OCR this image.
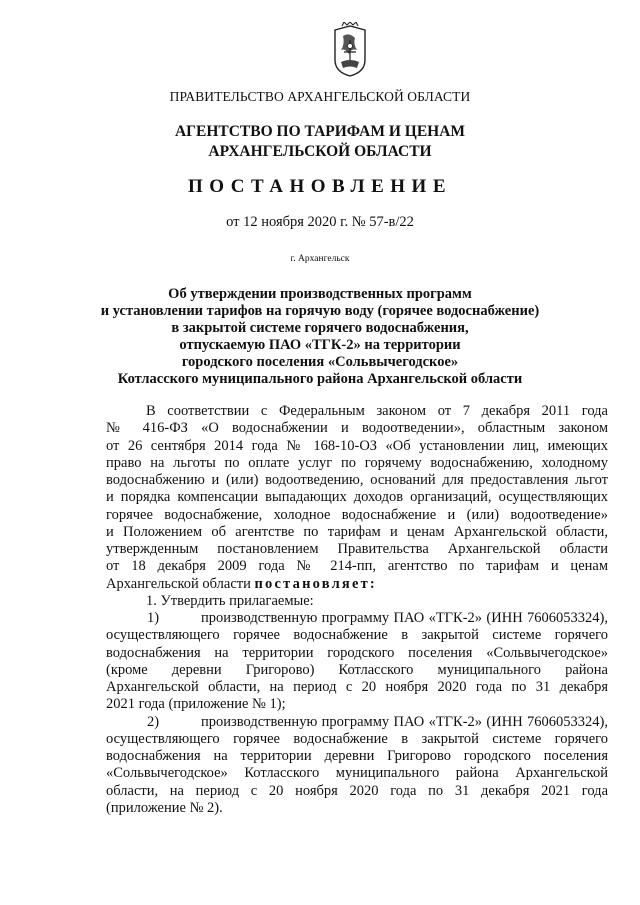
ПРАВИТЕЛЬСТВО АРХАНГЕЛЬСКОЙ ОБЛАСТИ

АГЕНТСТВО ПО ТАРИФАМ И ЦЕНАМ
АРХАНГЕЛЬСКОЙ ОБЛАСТИ

ПОСТАНОВЛЕНИЕ

от 12 ноября 2020 г. № 57-в/22

г. Архангельск

Об утверждении производственных программ
и установлении тарифов на горячую воду (горячее водоснабжение)
в закрытой системе горячего водоснабжения,
отпускаемую ПАО «ТГК-2» на территории
городского поселения «Сольвычегодское»
Котласского муниципального района Архангельской области

В соответствии с Федеральным законом от 7 декабря 2011 года

№ 416-ФЗ «О водоснабжении и водоотведении», областным законом

от 26 сентября 2014 года № 168-10-ОЗ «Об установлении лиц, имеющих

право на льготы по оплате услуг по горячему водоснабжению, холодному

водоснабжению и (или) водоотведению, оснований для предоставления льгот

и порядка компенсации выпадающих доходов организаций, осуществляющих

горячее водоснабжение, холодное водоснабжение и (или) водоотведение»

и Положением об агентстве по тарифам и ценам Архангельской области,

утвержденным постановлением Правительства Архангельской области

от 18 декабря 2009 года № 214-пп, агентство по тарифам и ценам

Архангельской области постановляет:

1. Утвердить прилагаемые:

1)	производственную программу ПАО «ТГК-2» (ИНН 7606053324),

осуществляющего горячее водоснабжение в закрытой системе горячего

водоснабжения на территории городского поселения «Сольвычегодское»

(кроме деревни Григорово) Котласского муниципального района

Архангельской области, на период с 20 ноября 2020 года по 31 декабря

2021 года (приложение № 1);

2)	производственную программу ПАО «ТГК-2» (ИНН 7606053324),

осуществляющего горячее водоснабжение в закрытой системе горячего

водоснабжения на территории деревни Григорово городского поселения

«Сольвычегодское» Котласского муниципального района Архангельской

области, на период с 20 ноября 2020 года по 31 декабря 2021 года

(приложение № 2).
